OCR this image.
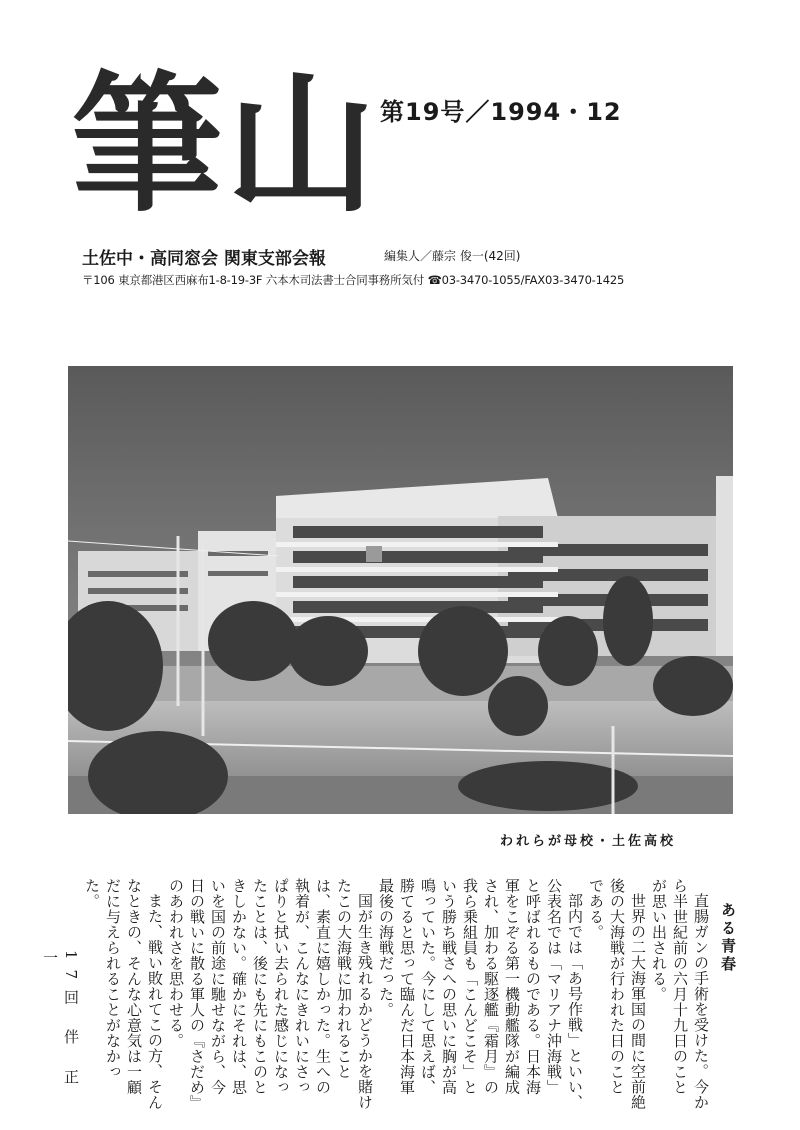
筆山 第19号／1994・12
土佐中・高同窓会 関東支部会報	編集人／藤宗 俊一(42回)
〒106 東京都港区西麻布1-8-19-3F 六本木司法書士合同事務所気付 ☎03-3470-1055/FAX03-3470-1425
われらが母校・土佐高校

ある青春

直腸ガンの手術を受けた。今から半世紀前の六月十九日のことが思い出される。

世界の二大海軍国の間に空前絶後の大海戦が行われた日のことである。

部内では「あ号作戦」といい、公表名では「マリアナ沖海戦」と呼ばれるものである。日本海軍をこぞる第一機動艦隊が編成され、加わる駆逐艦『霜月』の我ら乗組員も「こんどこそ」という勝ち戦さへの思いに胸が高鳴っていた。今にして思えば、勝てると思って臨んだ日本海軍最後の海戦だった。

国が生き残れるかどうかを賭けたこの大海戦に加われることは、素直に嬉しかった。生への執着が、こんなにきれいにさっぱりと拭い去られた感じになったことは、後にも先にもこのときしかない。確かにそれは、思いを国の前途に馳せながら、今日の戦いに散る軍人の『さだめ』のあわれさを思わせる。

また、戦い敗れてこの方、そんなときの、そんな心意気は一顧だに与えられることがなかった。

17回 伴 正一
